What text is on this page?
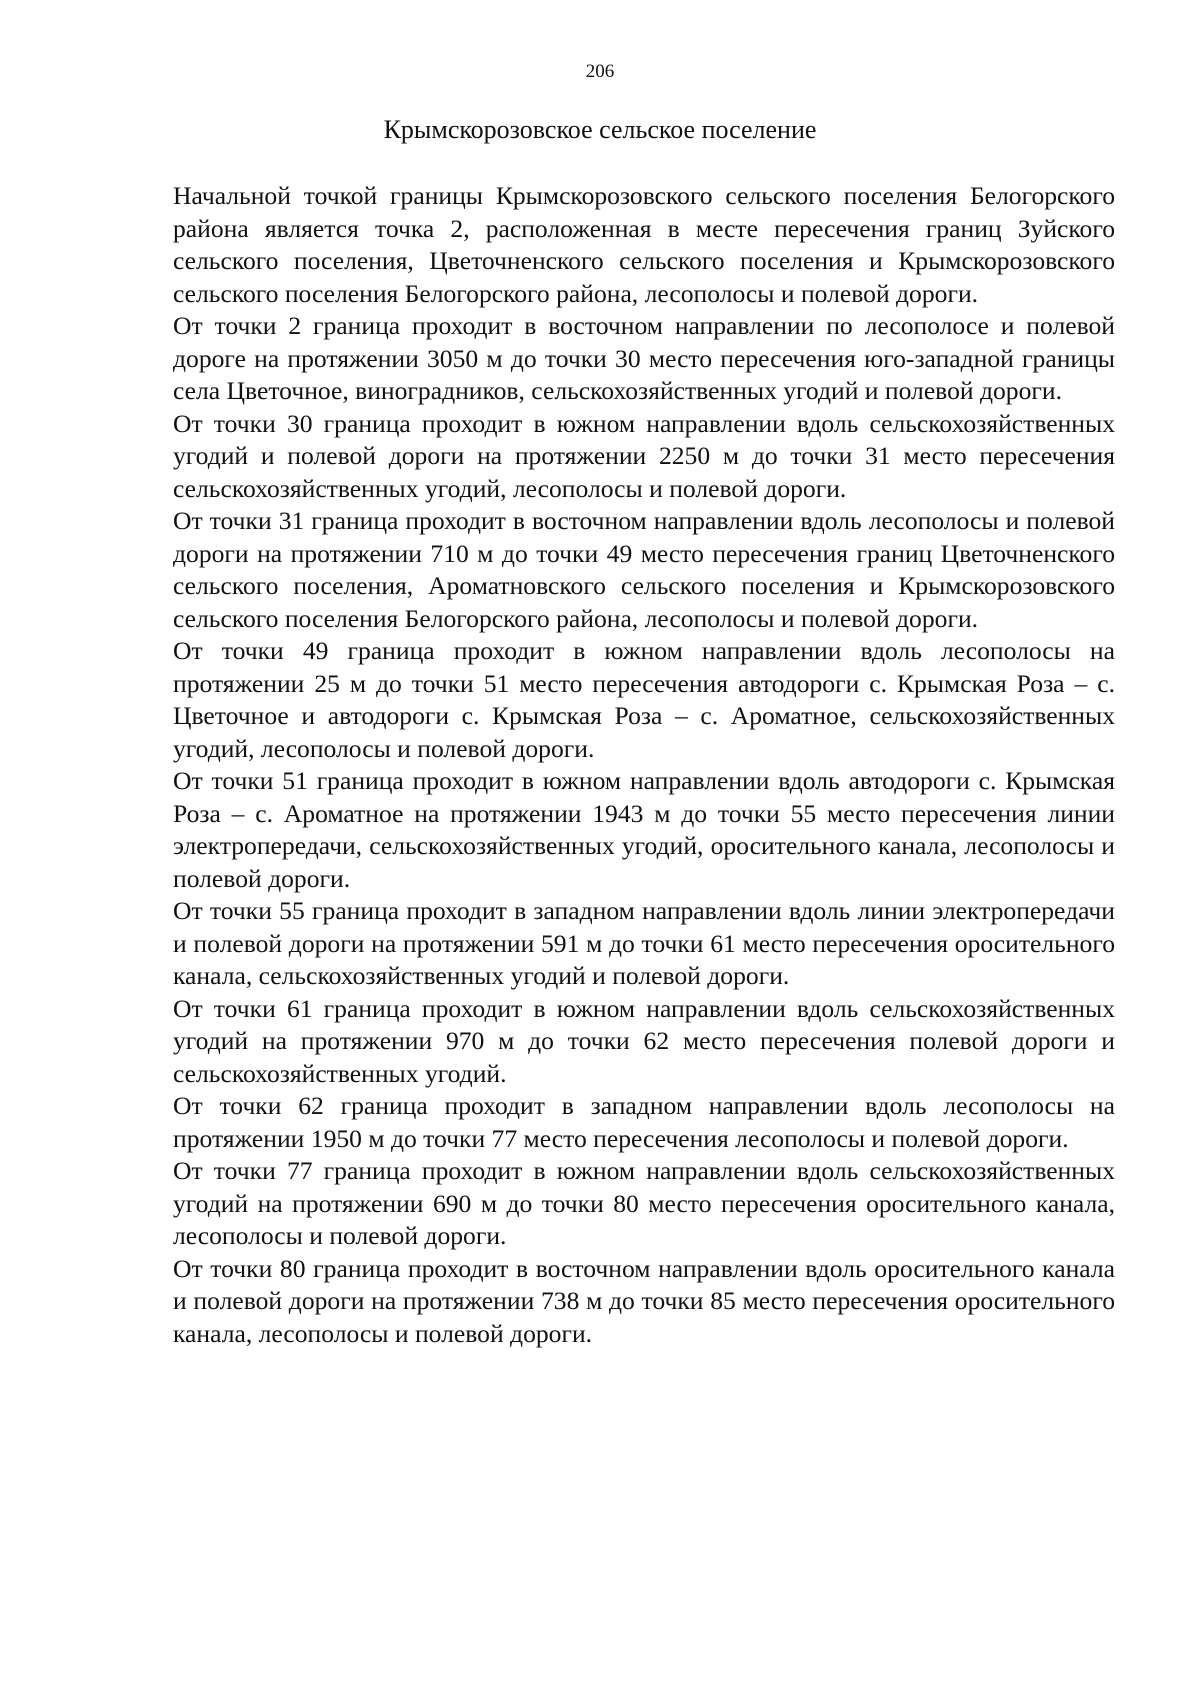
206
Крымскорозовское сельское поселение

Начальной точкой границы Крымскорозовского сельского поселения Белогорского района является точка 2, расположенная в месте пересечения границ Зуйского сельского поселения, Цветочненского сельского поселения и Крымскорозовского сельского поселения Белогорского района, лесополосы и полевой дороги.

От точки 2 граница проходит в восточном направлении по лесополосе и полевой дороге на протяжении 3050 м до точки 30 место пересечения юго-западной границы села Цветочное, виноградников, сельскохозяйственных угодий и полевой дороги.

От точки 30 граница проходит в южном направлении вдоль сельскохозяйственных угодий и полевой дороги на протяжении 2250 м до точки 31 место пересечения сельскохозяйственных угодий, лесополосы и полевой дороги.

От точки 31 граница проходит в восточном направлении вдоль лесополосы и полевой дороги на протяжении 710 м до точки 49 место пересечения границ Цветочненского сельского поселения, Ароматновского сельского поселения и Крымскорозовского сельского поселения Белогорского района, лесополосы и полевой дороги.

От точки 49 граница проходит в южном направлении вдоль лесополосы на протяжении 25 м до точки 51 место пересечения автодороги с. Крымская Роза – с. Цветочное и автодороги с. Крымская Роза – с. Ароматное, сельскохозяйственных угодий, лесополосы и полевой дороги.

От точки 51 граница проходит в южном направлении вдоль автодороги с. Крымская Роза – с. Ароматное на протяжении 1943 м до точки 55 место пересечения линии электропередачи, сельскохозяйственных угодий, оросительного канала, лесополосы и полевой дороги.

От точки 55 граница проходит в западном направлении вдоль линии электропередачи и полевой дороги на протяжении 591 м до точки 61 место пересечения оросительного канала, сельскохозяйственных угодий и полевой дороги.

От точки 61 граница проходит в южном направлении вдоль сельскохозяйственных угодий на протяжении 970 м до точки 62 место пересечения полевой дороги и сельскохозяйственных угодий.

От точки 62 граница проходит в западном направлении вдоль лесополосы на протяжении 1950 м до точки 77 место пересечения лесополосы и полевой дороги.

От точки 77 граница проходит в южном направлении вдоль сельскохозяйственных угодий на протяжении 690 м до точки 80 место пересечения оросительного канала, лесополосы и полевой дороги.

От точки 80 граница проходит в восточном направлении вдоль оросительного канала и полевой дороги на протяжении 738 м до точки 85 место пересечения оросительного канала, лесополосы и полевой дороги.
